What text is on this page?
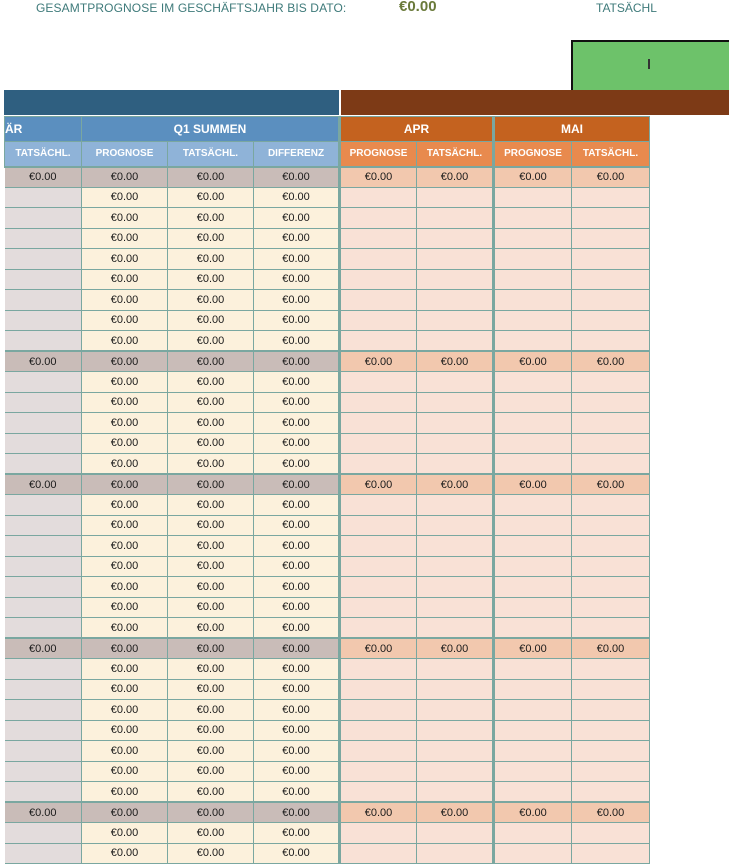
GESAMTPROGNOSE IM GESCHÄFTSJAHR BIS DATO:	€0.00	TATSÄCHL
ÄR	Q1 SUMMEN			APR		MAI	
TATSÄCHL.	PROGNOSE	TATSÄCHL.	DIFFERENZ	PROGNOSE	TATSÄCHL.	PROGNOSE	TATSÄCHL.
€0.00	€0.00	€0.00	€0.00	€0.00	€0.00	€0.00	€0.00
	€0.00	€0.00	€0.00				
	€0.00	€0.00	€0.00				
	€0.00	€0.00	€0.00				
	€0.00	€0.00	€0.00				
	€0.00	€0.00	€0.00				
	€0.00	€0.00	€0.00				
	€0.00	€0.00	€0.00				
	€0.00	€0.00	€0.00				
€0.00	€0.00	€0.00	€0.00	€0.00	€0.00	€0.00	€0.00
	€0.00	€0.00	€0.00				
	€0.00	€0.00	€0.00				
	€0.00	€0.00	€0.00				
	€0.00	€0.00	€0.00				
	€0.00	€0.00	€0.00				
€0.00	€0.00	€0.00	€0.00	€0.00	€0.00	€0.00	€0.00
	€0.00	€0.00	€0.00				
	€0.00	€0.00	€0.00				
	€0.00	€0.00	€0.00				
	€0.00	€0.00	€0.00				
	€0.00	€0.00	€0.00				
	€0.00	€0.00	€0.00				
	€0.00	€0.00	€0.00				
€0.00	€0.00	€0.00	€0.00	€0.00	€0.00	€0.00	€0.00
	€0.00	€0.00	€0.00				
	€0.00	€0.00	€0.00				
	€0.00	€0.00	€0.00				
	€0.00	€0.00	€0.00				
	€0.00	€0.00	€0.00				
	€0.00	€0.00	€0.00				
	€0.00	€0.00	€0.00				
€0.00	€0.00	€0.00	€0.00	€0.00	€0.00	€0.00	€0.00
	€0.00	€0.00	€0.00				
	€0.00	€0.00	€0.00				
